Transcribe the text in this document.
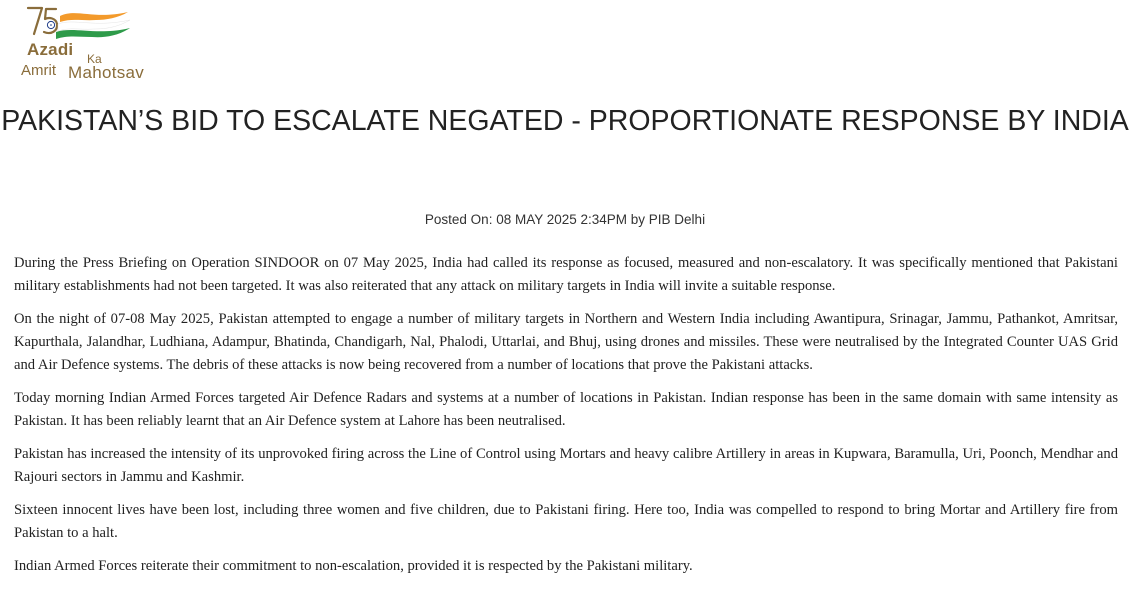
Azadi Ka
Amrit Mahotsav
PAKISTAN’S BID TO ESCALATE NEGATED - PROPORTIONATE RESPONSE BY INDIA
Posted On: 08 MAY 2025 2:34PM by PIB Delhi

During the Press Briefing on Operation SINDOOR on 07 May 2025, India had called its response as focused, measured and non-escalatory. It was specifically mentioned that Pakistani military establishments had not been targeted. It was also reiterated that any attack on military targets in India will invite a suitable response.

On the night of 07-08 May 2025, Pakistan attempted to engage a number of military targets in Northern and Western India including Awantipura, Srinagar, Jammu, Pathankot, Amritsar, Kapurthala, Jalandhar, Ludhiana, Adampur, Bhatinda, Chandigarh, Nal, Phalodi, Uttarlai, and Bhuj, using drones and missiles. These were neutralised by the Integrated Counter UAS Grid and Air Defence systems. The debris of these attacks is now being recovered from a number of locations that prove the Pakistani attacks.

Today morning Indian Armed Forces targeted Air Defence Radars and systems at a number of locations in Pakistan. Indian response has been in the same domain with same intensity as Pakistan. It has been reliably learnt that an Air Defence system at Lahore has been neutralised.

Pakistan has increased the intensity of its unprovoked firing across the Line of Control using Mortars and heavy calibre Artillery in areas in Kupwara, Baramulla, Uri, Poonch, Mendhar and Rajouri sectors in Jammu and Kashmir.

Sixteen innocent lives have been lost, including three women and five children, due to Pakistani firing. Here too, India was compelled to respond to bring Mortar and Artillery fire from Pakistan to a halt.

Indian Armed Forces reiterate their commitment to non-escalation, provided it is respected by the Pakistani military.
